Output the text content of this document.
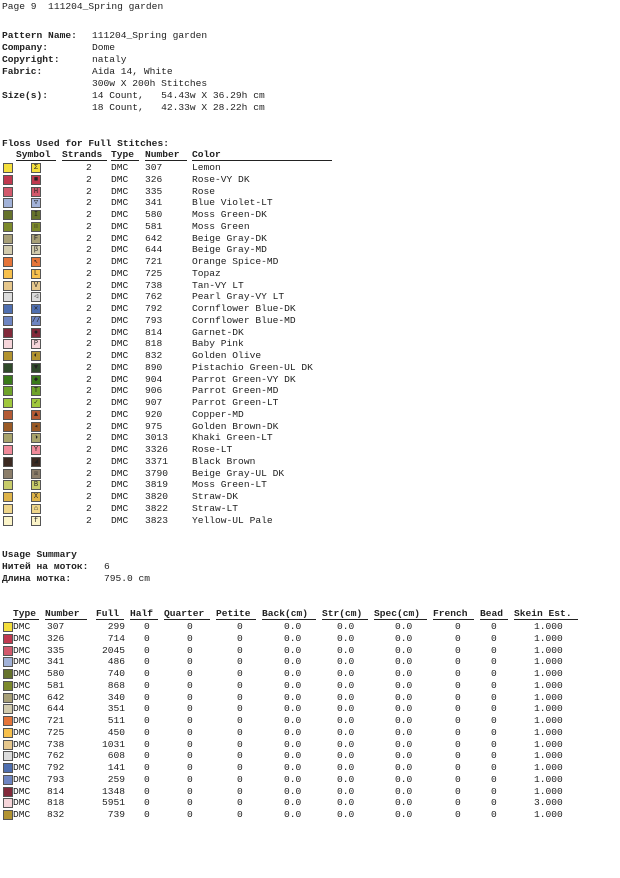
Page 9  111204_Spring garden
Pattern Name: 111204_Spring garden
Company:	Dome
Copyright:	nataly
Fabric:	Aida 14, White
300w X 200h Stitches
Size(s):	14 Count,   54.43w X 36.29h cm
18 Count,   42.33w X 28.22h cm
Floss Used for Full Stitches:
Symbol Strands Type Number Color
Σ	2 DMC 307	Lemon
■	2 DMC 326	Rose-VY DK
H	2 DMC 335	Rose
▽	2 DMC 341	Blue Violet-LT
I	2 DMC 580	Moss Green-DK
⠶	2 DMC 581	Moss Green
F	2 DMC 642	Beige Gray-DK
β	2 DMC 644	Beige Gray-MD
↖	2 DMC 721	Orange Spice-MD
L	2 DMC 725	Topaz
V	2 DMC 738	Tan-VY LT
◁	2 DMC 762	Pearl Gray-VY LT
✕	2 DMC 792	Cornflower Blue-DK
//	2 DMC 793	Cornflower Blue-MD
●	2 DMC 814	Garnet-DK
P	2 DMC 818	Baby Pink
◐	2 DMC 832	Golden Olive
▼	2 DMC 890	Pistachio Green-UL DK
◆	2 DMC 904	Parrot Green-VY DK
T	2 DMC 906	Parrot Green-MD
✓	2 DMC 907	Parrot Green-LT
▲	2 DMC 920	Copper-MD
◂	2 DMC 975	Golden Brown-DK
◑	2 DMC 3013 Khaki Green-LT
Y	2 DMC 3326 Rose-LT
◢	2 DMC 3371 Black Brown
☒	2 DMC 3790 Beige Gray-UL DK
B	2 DMC 3819 Moss Green-LT
X	2 DMC 3820 Straw-DK
⌂	2 DMC 3822 Straw-LT
f	2 DMC 3823 Yellow-UL Pale
Usage Summary
Нитей на моток: 6
Длина мотка:	795.0 cm
Type Number Full Half Quarter Petite Back(cm) Str(cm) Spec(cm) French Bead Skein Est.
DMC 307	299 0	0	0	0.0	0.0	0.0	0	0	1.000
DMC 326	714 0	0	0	0.0	0.0	0.0	0	0	1.000
DMC 335	2045 0	0	0	0.0	0.0	0.0	0	0	1.000
DMC 341	486 0	0	0	0.0	0.0	0.0	0	0	1.000
DMC 580	740 0	0	0	0.0	0.0	0.0	0	0	1.000
DMC 581	868 0	0	0	0.0	0.0	0.0	0	0	1.000
DMC 642	340 0	0	0	0.0	0.0	0.0	0	0	1.000
DMC 644	351 0	0	0	0.0	0.0	0.0	0	0	1.000
DMC 721	511 0	0	0	0.0	0.0	0.0	0	0	1.000
DMC 725	450 0	0	0	0.0	0.0	0.0	0	0	1.000
DMC 738	1031 0	0	0	0.0	0.0	0.0	0	0	1.000
DMC 762	608 0	0	0	0.0	0.0	0.0	0	0	1.000
DMC 792	141 0	0	0	0.0	0.0	0.0	0	0	1.000
DMC 793	259 0	0	0	0.0	0.0	0.0	0	0	1.000
DMC 814	1348 0	0	0	0.0	0.0	0.0	0	0	1.000
DMC 818	5951 0	0	0	0.0	0.0	0.0	0	0	3.000
DMC 832	739 0	0	0	0.0	0.0	0.0	0	0	1.000
